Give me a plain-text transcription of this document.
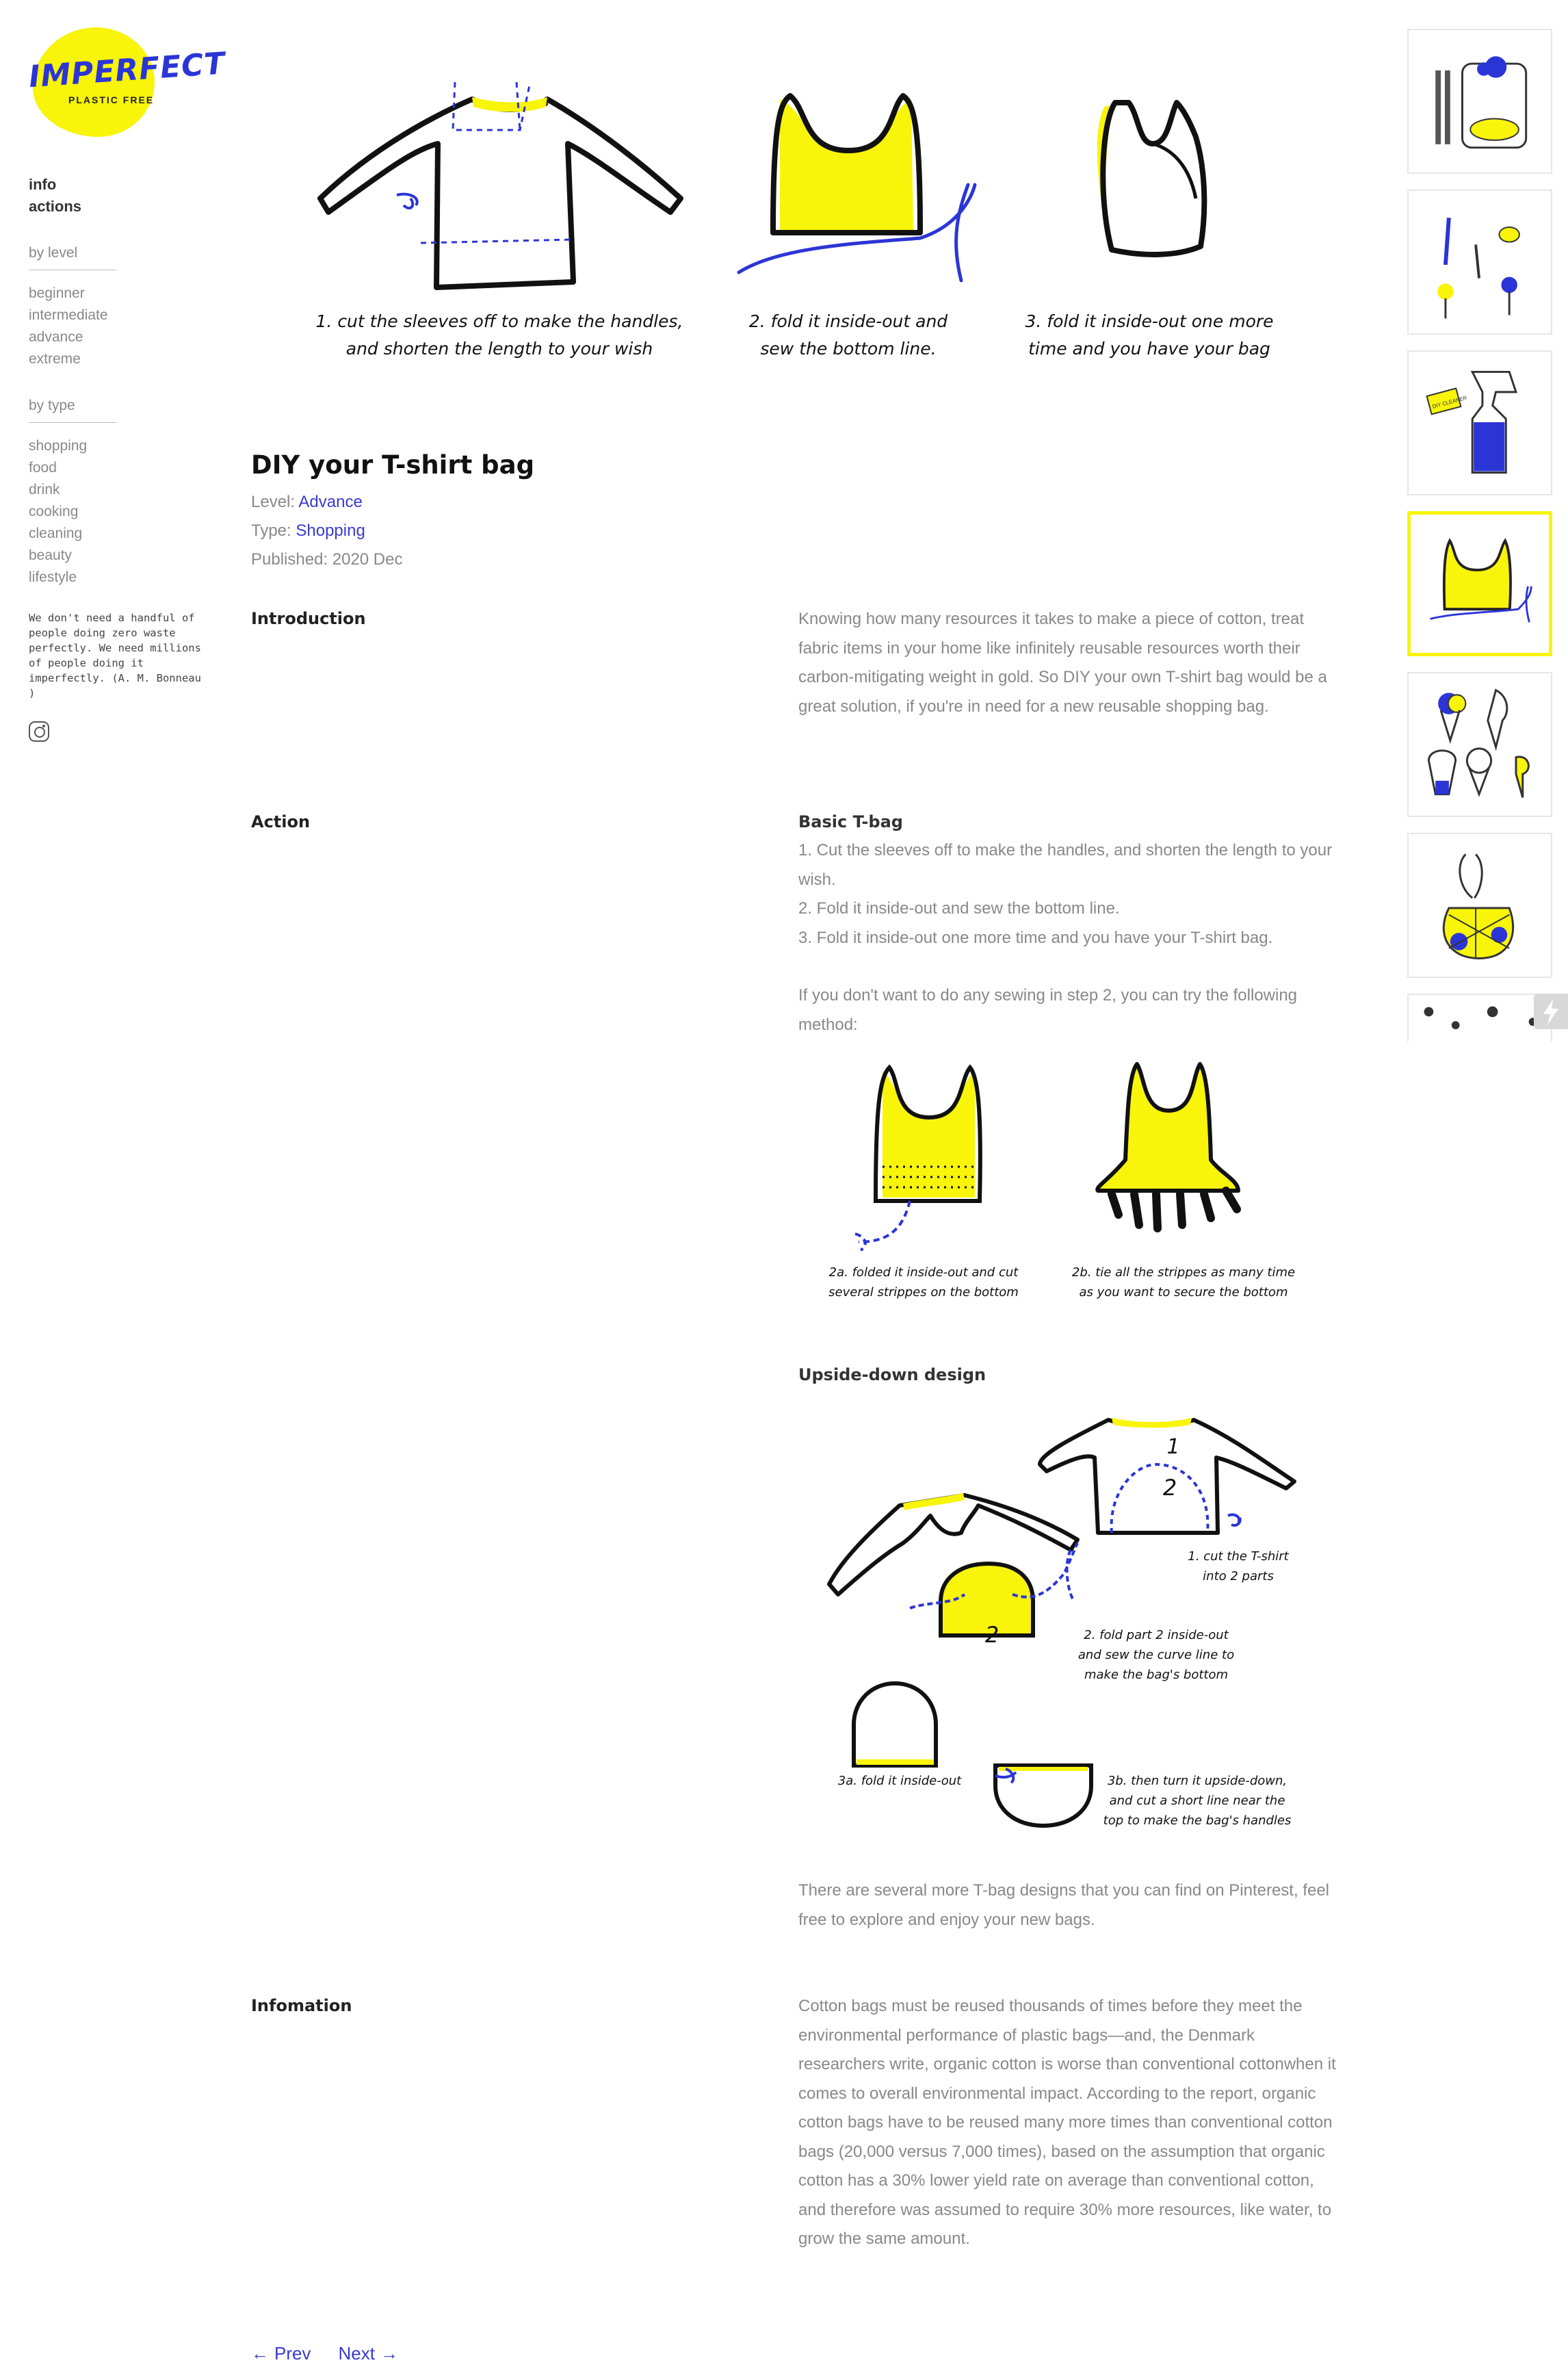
IMPERFECT
PLASTIC FREE
info
actions
by level
beginner
intermediate
advance
extreme
by type
shopping
food
drink
cooking
cleaning
beauty
lifestyle
We don't need a handful of people doing zero waste perfectly. We need millions of people doing it imperfectly. (A. M. Bonneau )
1. cut the sleeves off to make the handles,
and shorten the length to your wish
2. fold it inside-out and
sew the bottom line.
3. fold it inside-out one more
time and you have your bag
DIY your T-shirt bag
Level: Advance
Type: Shopping
Published: 2020 Dec
Introduction	Knowing how many resources it takes to make a piece of cotton, treat fabric items in your home like infinitely reusable resources worth their carbon-mitigating weight in gold. So DIY your own T-shirt bag would be a great solution, if you're in need for a new reusable shopping bag.

Action	Basic T-bag
1. Cut the sleeves off to make the handles, and shorten the length to your wish.
2. Fold it inside-out and sew the bottom line.
3. Fold it inside-out one more time and you have your T-shirt bag.

If you don't want to do any sewing in step 2, you can try the following method:

2a. folded it inside-out and cut
several strippes on the bottom
2b. tie all the strippes as many time
as you want to secure the bottom
Upside-down design
1
2
2
1. cut the T-shirt
into 2 parts
2. fold part 2 inside-out
and sew the curve line to
make the bag's bottom
3a. fold it inside-out	3b. then turn it upside-down,
and cut a short line near the
top to make the bag's handles

There are several more T-bag designs that you can find on Pinterest, feel free to explore and enjoy your new bags.

Infomation	Cotton bags must be reused thousands of times before they meet the environmental performance of plastic bags—and, the Denmark researchers write, organic cotton is worse than conventional cottonwhen it comes to overall environmental impact. According to the report, organic cotton bags have to be reused many more times than conventional cotton bags (20,000 versus 7,000 times), based on the assumption that organic cotton has a 30% lower yield rate on average than conventional cotton, and therefore was assumed to require 30% more resources, like water, to grow the same amount.

← Prev Next →
DIY CLEANER
